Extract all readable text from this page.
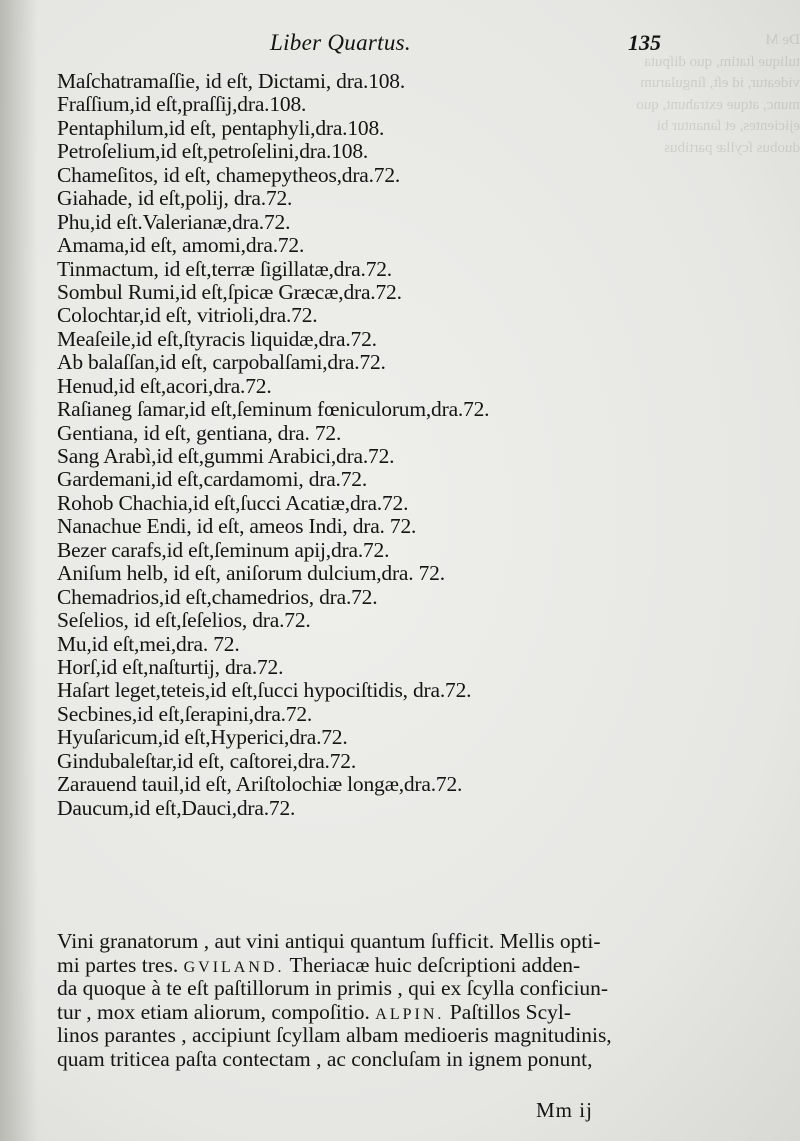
De M
tulique ſtatim, quo diſputa
videatur, id eſt, ſingularum
munc, atque extrahunt, quo
ejicientes, et ſanantur bi
duobus ſcyllæ partibus

Liber Quartus.	135
Maſchatramaſſie, id eſt, Dictami, dra.108.
Fraſſium,id eſt,praſſij,dra.108.
Pentaphilum,id eſt, pentaphyli,dra.108.
Petroſelium,id eſt,petroſelini,dra.108.
Chameſitos, id eſt, chamepytheos,dra.72.
Giahade, id eſt,polij, dra.72.
Phu,id eſt.Valerianæ,dra.72.
Amama,id eſt, amomi,dra.72.
Tinmactum, id eſt,terræ ſigillatæ,dra.72.
Sombul Rumi,id eſt,ſpicæ Græcæ,dra.72.
Colochtar,id eſt, vitrioli,dra.72.
Meaſeile,id eſt,ſtyracis liquidæ,dra.72.
Ab balaſſan,id eſt, carpobalſami,dra.72.
Henud,id eſt,acori,dra.72.
Raſianeg ſamar,id eſt,ſeminum fœniculorum,dra.72.
Gentiana, id eſt, gentiana, dra. 72.
Sang Arabì,id eſt,gummi Arabici,dra.72.
Gardemani,id eſt,cardamomi, dra.72.
Rohob Chachia,id eſt,ſucci Acatiæ,dra.72.
Nanachue Endi, id eſt, ameos Indi, dra. 72.
Bezer carafs,id eſt,ſeminum apij,dra.72.
Aniſum helb, id eſt, aniſorum dulcium,dra. 72.
Chemadrios,id eſt,chamedrios, dra.72.
Seſelios, id eſt,ſeſelios, dra.72.
Mu,id eſt,mei,dra. 72.
Horſ,id eſt,naſturtij, dra.72.
Haſart leget,teteis,id eſt,ſucci hypociſtidis, dra.72.
Secbines,id eſt,ſerapini,dra.72.
Hyuſaricum,id eſt,Hyperici,dra.72.
Gindubaleſtar,id eſt, caſtorei,dra.72.
Zarauend tauil,id eſt, Ariſtolochiæ longæ,dra.72.
Daucum,id eſt,Dauci,dra.72.
Vini granatorum , aut vini antiqui quantum ſufficit. Mellis opti-
mi partes tres. GVILAND. Theriacæ huic deſcriptioni adden-
da quoque à te eſt paſtillorum in primis , qui ex ſcylla conficiun-
tur , mox etiam aliorum, compoſitio. ALPIN. Paſtillos Scyl-
linos parantes , accipiunt ſcyllam albam medioeris magnitudinis,
quam triticea paſta contectam , ac concluſam in ignem ponunt,
Mm ij
